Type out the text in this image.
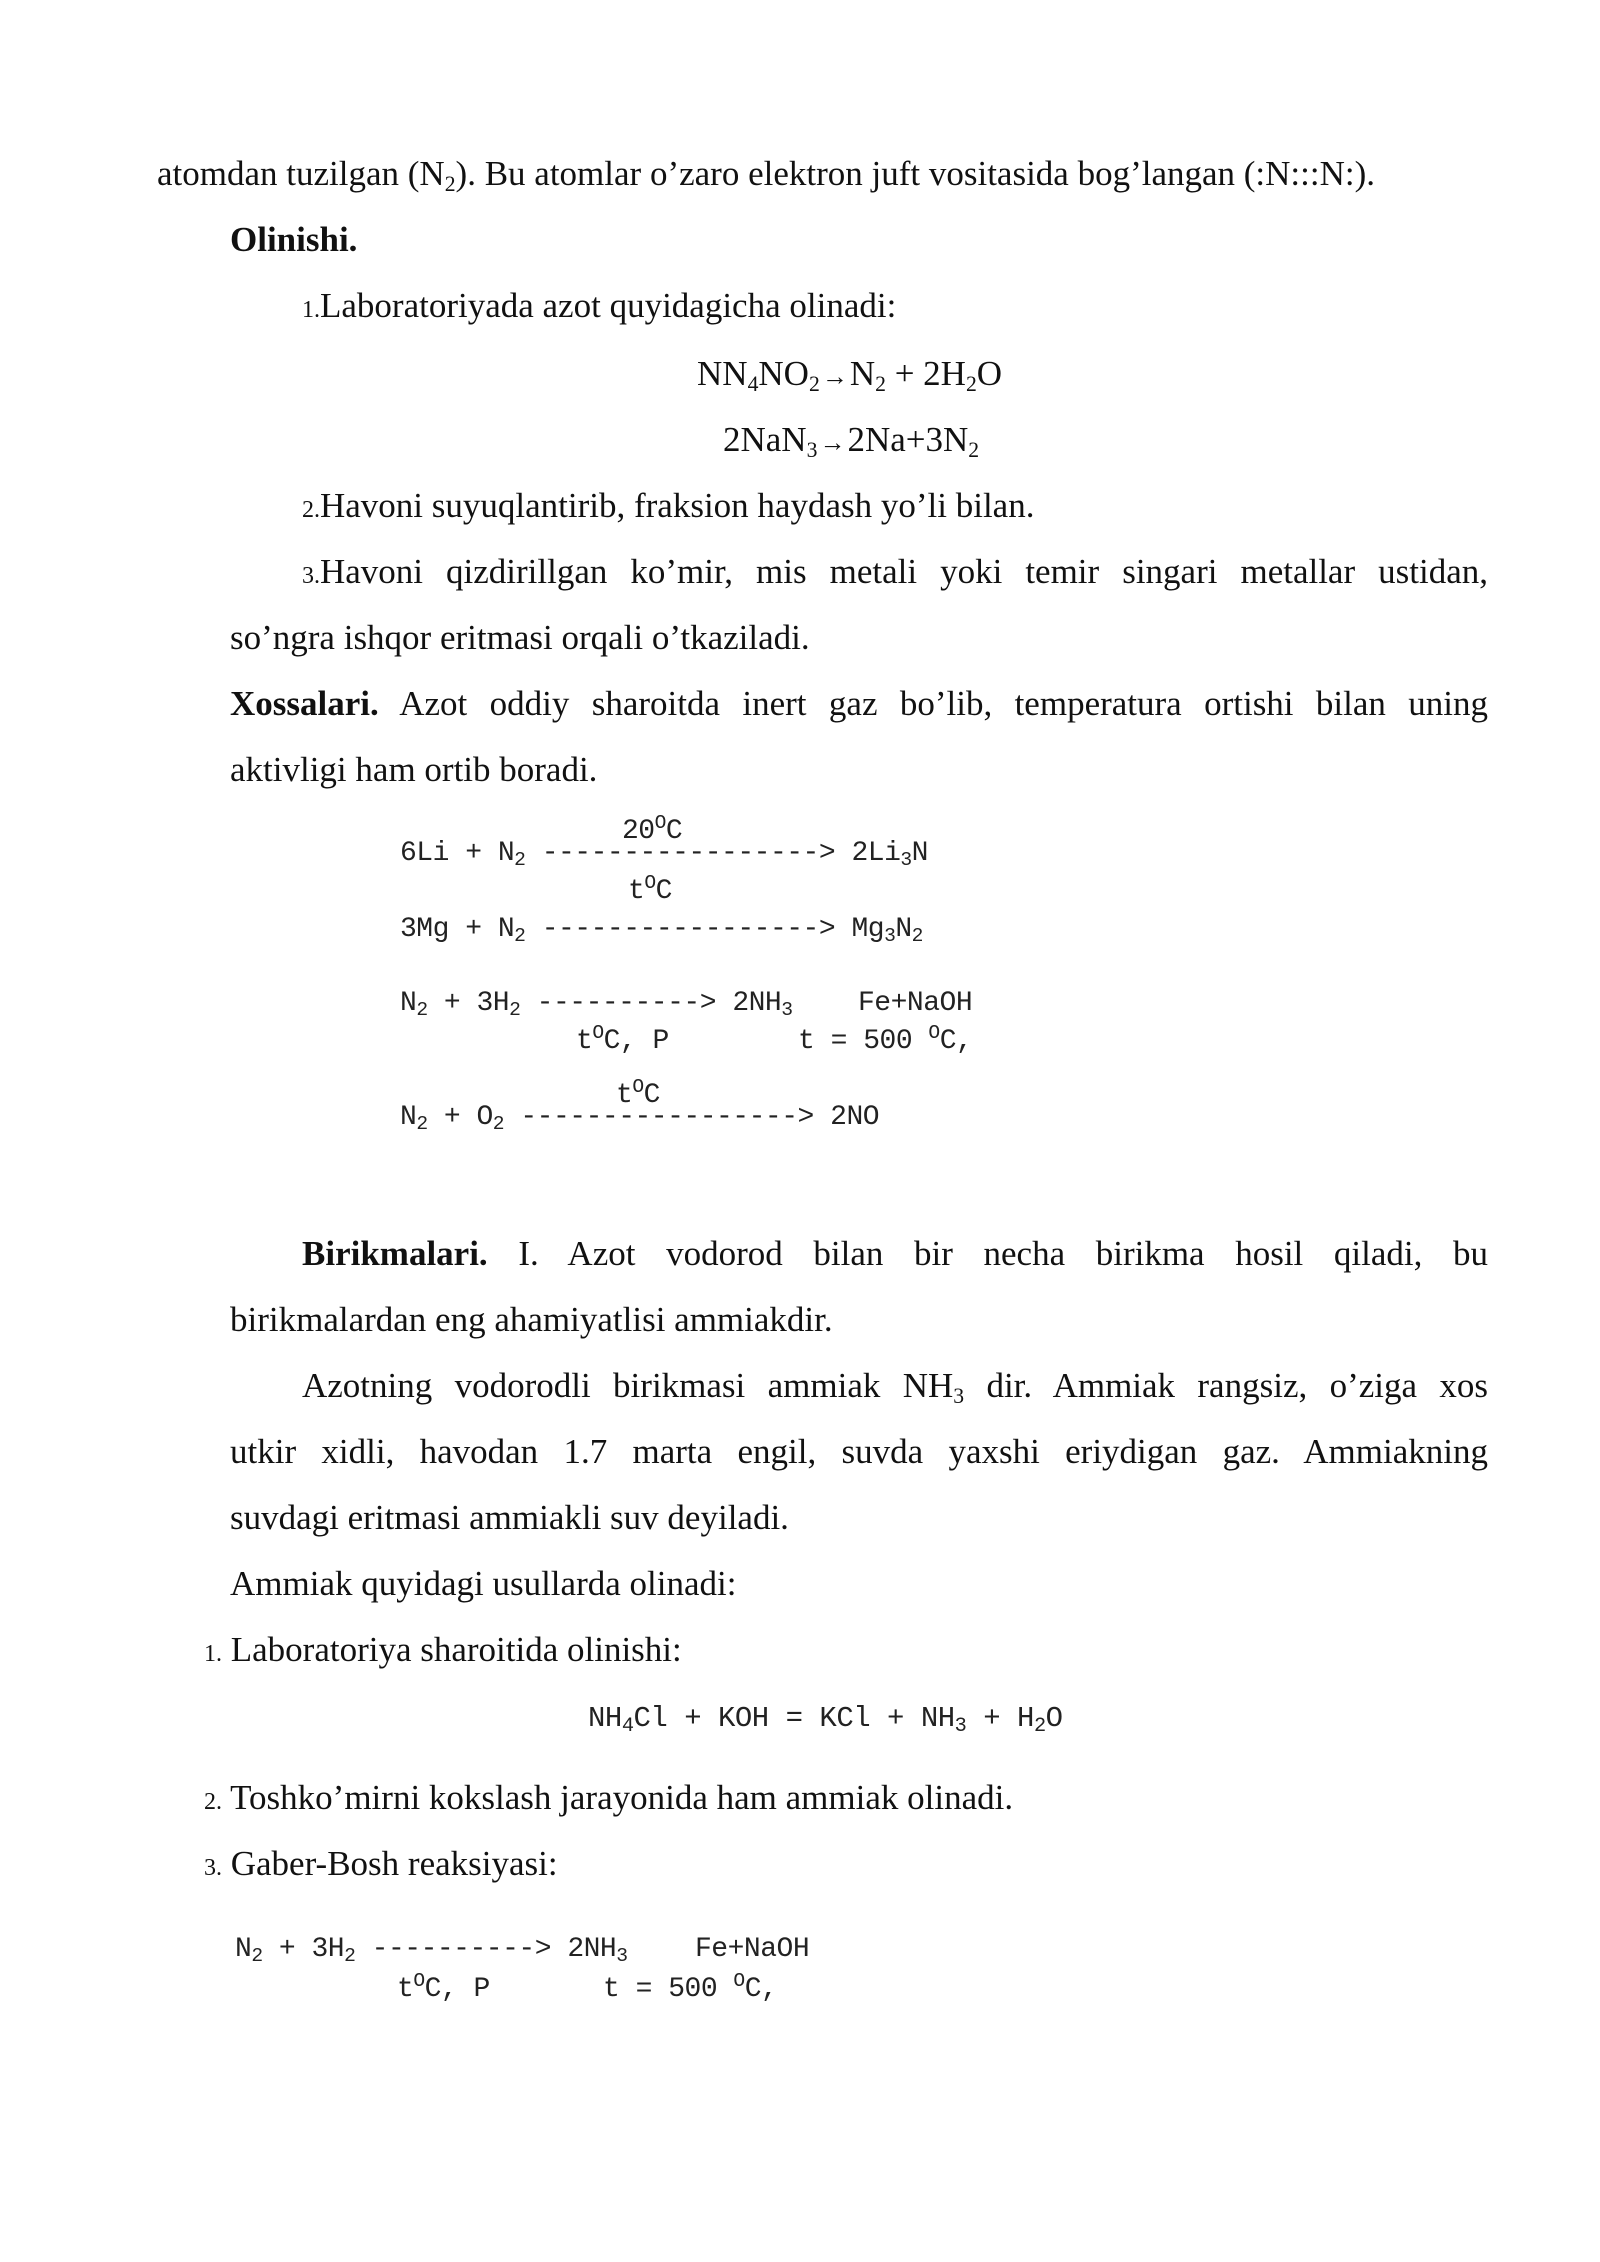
atomdan tuzilgan $(N_2)$. Bu atomlar o’zaro elektron juft vositasida bog’langan (:N:::N:).
Olinishi.
1.Laboratoriyada azot quyidagicha olinadi:
$NN_4NO_2\to N_2 + 2H_2O$
$2NaN_3\to 2Na+3N_2$
2.Havoni suyuqlantirib, fraksion haydash yo’li bilan.
3.Havoni qizdirillgan ko’mir, mis metali yoki temir singari metallar ustidan,
so’ngra ishqor eritmasi orqali o’tkaziladi.
Xossalari. Azot oddiy sharoitda inert gaz bo’lib, temperatura ortishi bilan uning
aktivligi ham ortib boradi.
$20^OC$
6Li + N2 -----------------> 2Li3N
$t^OC$
3Mg + N2 -----------------> Mg3N2
N2 + 3H2 ----------> 2NH3 Fe+NaOH
$t^OC$, P	t = 500 $^O$C,
$t^OC$
N2 + O2 -----------------> 2NO
Birikmalari. I. Azot vodorod bilan bir necha birikma hosil qiladi, bu
birikmalardan eng ahamiyatlisi ammiakdir.
Azotning vodorodli birikmasi ammiak $NH_3$ dir. Ammiak rangsiz, o’ziga xos
utkir xidli, havodan 1.7 marta engil, suvda yaxshi eriydigan gaz. Ammiakning
suvdagi eritmasi ammiakli suv deyiladi.
Ammiak quyidagi usullarda olinadi:
1. Laboratoriya sharoitida olinishi:
NH4Cl + KOH = KCl + NH3 + H2O
2. Toshko’mirni kokslash jarayonida ham ammiak olinadi.
3. Gaber-Bosh reaksiyasi:
N2 + 3H2 ----------> 2NH3 Fe+NaOH
$t^OC$, P	t = 500 $^O$C,
